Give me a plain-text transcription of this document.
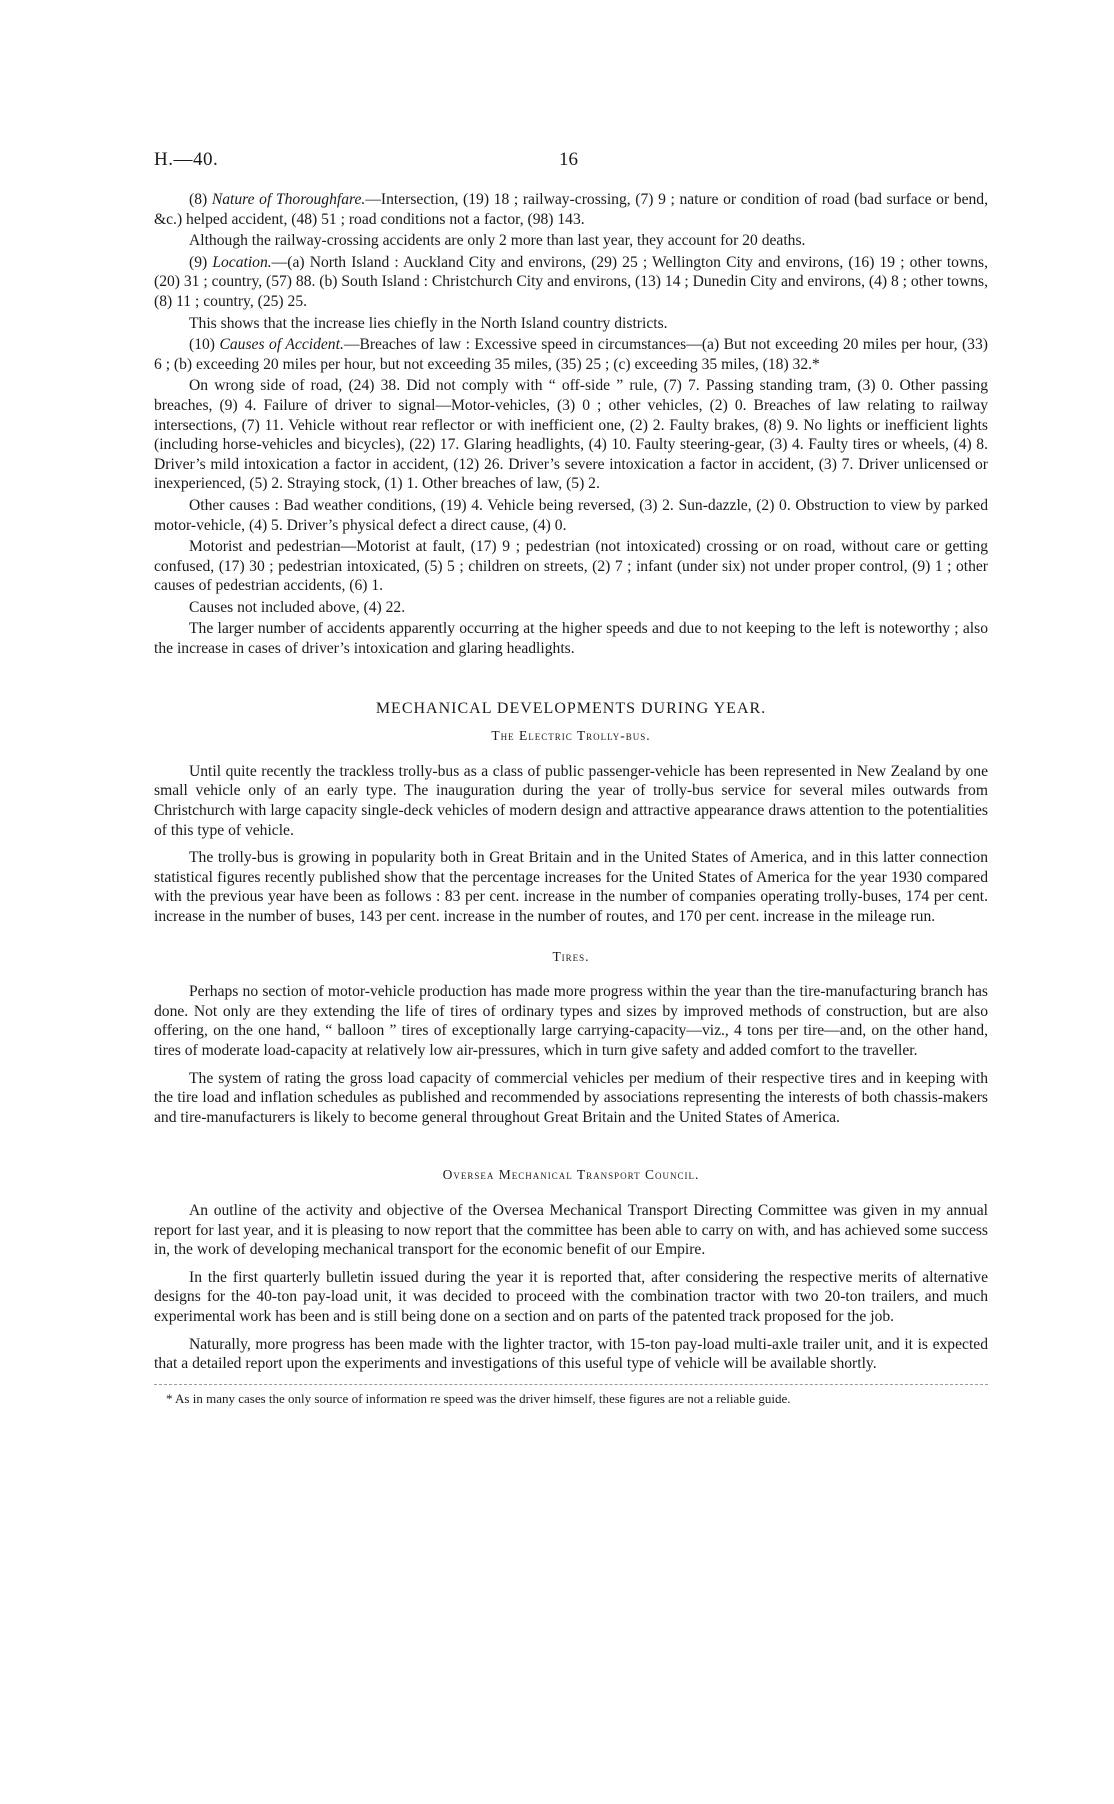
H.—40.	16

(8) Nature of Thoroughfare.—Intersection, (19) 18 ; railway-crossing, (7) 9 ; nature or condition of road (bad surface or bend, &c.) helped accident, (48) 51 ; road conditions not a factor, (98) 143.

Although the railway-crossing accidents are only 2 more than last year, they account for 20 deaths.

(9) Location.—(a) North Island : Auckland City and environs, (29) 25 ; Wellington City and environs, (16) 19 ; other towns, (20) 31 ; country, (57) 88. (b) South Island : Christchurch City and environs, (13) 14 ; Dunedin City and environs, (4) 8 ; other towns, (8) 11 ; country, (25) 25.

This shows that the increase lies chiefly in the North Island country districts.

(10) Causes of Accident.—Breaches of law : Excessive speed in circumstances—(a) But not exceeding 20 miles per hour, (33) 6 ; (b) exceeding 20 miles per hour, but not exceeding 35 miles, (35) 25 ; (c) exceeding 35 miles, (18) 32.*

On wrong side of road, (24) 38. Did not comply with “ off-side ” rule, (7) 7. Passing standing tram, (3) 0. Other passing breaches, (9) 4. Failure of driver to signal—Motor-vehicles, (3) 0 ; other vehicles, (2) 0. Breaches of law relating to railway intersections, (7) 11. Vehicle without rear reflector or with inefficient one, (2) 2. Faulty brakes, (8) 9. No lights or inefficient lights (including horse-vehicles and bicycles), (22) 17. Glaring headlights, (4) 10. Faulty steering-gear, (3) 4. Faulty tires or wheels, (4) 8. Driver’s mild intoxication a factor in accident, (12) 26. Driver’s severe intoxication a factor in accident, (3) 7. Driver unlicensed or inexperienced, (5) 2. Straying stock, (1) 1. Other breaches of law, (5) 2.

Other causes : Bad weather conditions, (19) 4. Vehicle being reversed, (3) 2. Sun-dazzle, (2) 0. Obstruction to view by parked motor-vehicle, (4) 5. Driver’s physical defect a direct cause, (4) 0.

Motorist and pedestrian—Motorist at fault, (17) 9 ; pedestrian (not intoxicated) crossing or on road, without care or getting confused, (17) 30 ; pedestrian intoxicated, (5) 5 ; children on streets, (2) 7 ; infant (under six) not under proper control, (9) 1 ; other causes of pedestrian accidents, (6) 1.

Causes not included above, (4) 22.

The larger number of accidents apparently occurring at the higher speeds and due to not keeping to the left is noteworthy ; also the increase in cases of driver’s intoxication and glaring headlights.

MECHANICAL DEVELOPMENTS DURING YEAR.
The Electric Trolly-bus.

Until quite recently the trackless trolly-bus as a class of public passenger-vehicle has been represented in New Zealand by one small vehicle only of an early type. The inauguration during the year of trolly-bus service for several miles outwards from Christchurch with large capacity single-deck vehicles of modern design and attractive appearance draws attention to the potentialities of this type of vehicle.

The trolly-bus is growing in popularity both in Great Britain and in the United States of America, and in this latter connection statistical figures recently published show that the percentage increases for the United States of America for the year 1930 compared with the previous year have been as follows : 83 per cent. increase in the number of companies operating trolly-buses, 174 per cent. increase in the number of buses, 143 per cent. increase in the number of routes, and 170 per cent. increase in the mileage run.

Tires.

Perhaps no section of motor-vehicle production has made more progress within the year than the tire-manufacturing branch has done. Not only are they extending the life of tires of ordinary types and sizes by improved methods of construction, but are also offering, on the one hand, “ balloon ” tires of exceptionally large carrying-capacity—viz., 4 tons per tire—and, on the other hand, tires of moderate load-capacity at relatively low air-pressures, which in turn give safety and added comfort to the traveller.

The system of rating the gross load capacity of commercial vehicles per medium of their respective tires and in keeping with the tire load and inflation schedules as published and recommended by associations representing the interests of both chassis-makers and tire-manufacturers is likely to become general throughout Great Britain and the United States of America.

Oversea Mechanical Transport Council.

An outline of the activity and objective of the Oversea Mechanical Transport Directing Committee was given in my annual report for last year, and it is pleasing to now report that the committee has been able to carry on with, and has achieved some success in, the work of developing mechanical transport for the economic benefit of our Empire.

In the first quarterly bulletin issued during the year it is reported that, after considering the respective merits of alternative designs for the 40-ton pay-load unit, it was decided to proceed with the combination tractor with two 20-ton trailers, and much experimental work has been and is still being done on a section and on parts of the patented track proposed for the job.

Naturally, more progress has been made with the lighter tractor, with 15-ton pay-load multi-axle trailer unit, and it is expected that a detailed report upon the experiments and investigations of this useful type of vehicle will be available shortly.

* As in many cases the only source of information re speed was the driver himself, these figures are not a reliable guide.
